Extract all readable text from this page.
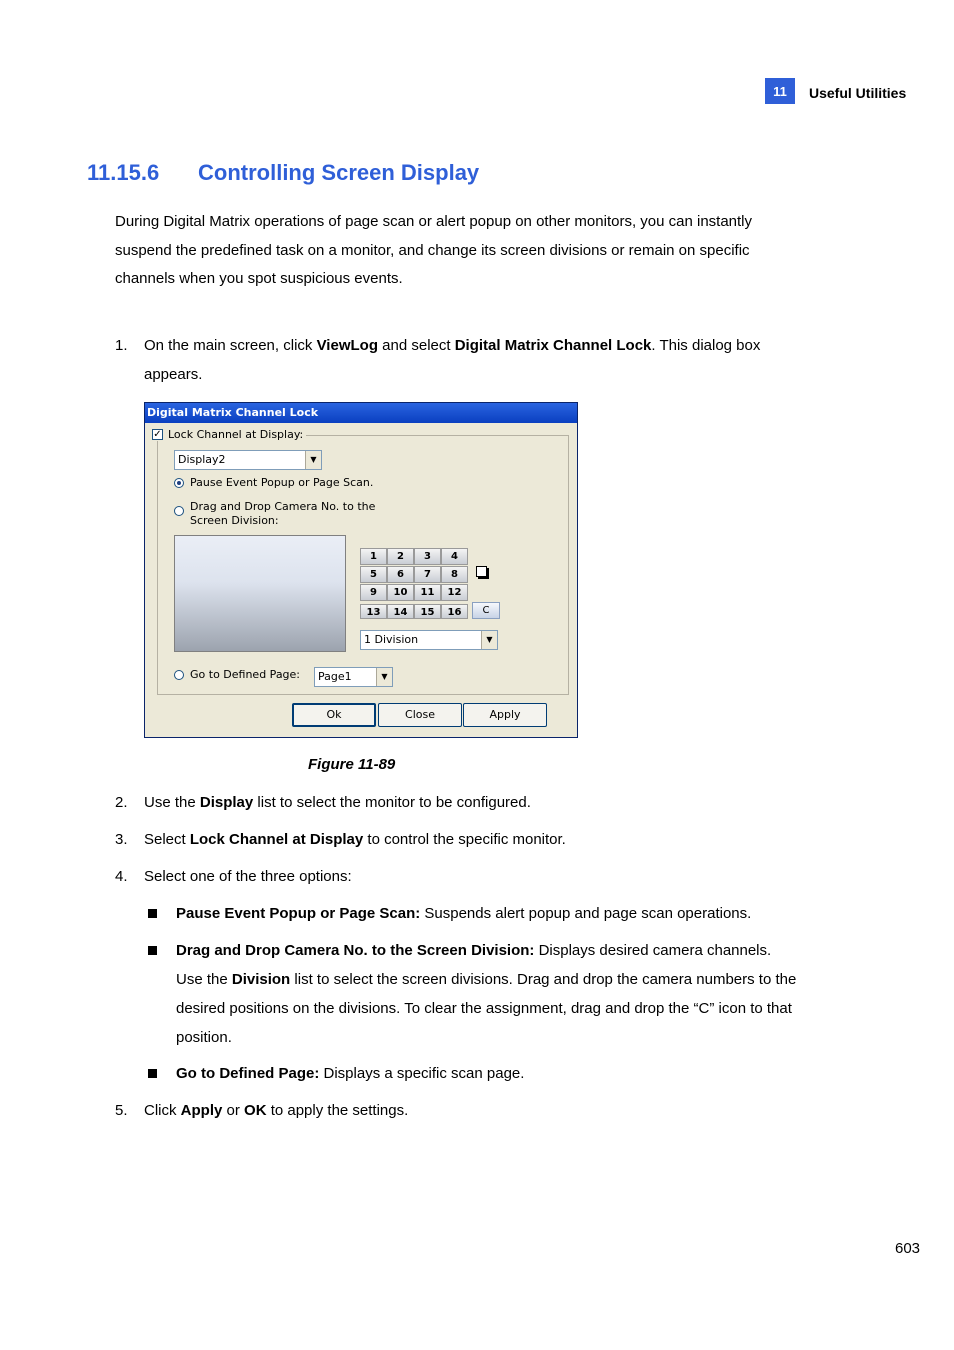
11	Useful Utilities
11.15.6	Controlling Screen Display
During Digital Matrix operations of page scan or alert popup on other monitors, you can instantly
suspend the predefined task on a monitor, and change its screen divisions or remain on specific
channels when you spot suspicious events.
1. On the main screen, click ViewLog and select Digital Matrix Channel Lock. This dialog box
appears.
Digital Matrix Channel Lock
✓ Lock Channel at Display:
Display2	▼
Pause Event Popup or Page Scan.
Drag and Drop Camera No. to the
Screen Division:
1	2	3	4
5	6	7	8
9	10	11	12
13	14	15	16	C
1 Division	▼
Go to Defined Page:	Page1	▼
Ok	Close	Apply
Figure 11-89
2. Use the Display list to select the monitor to be configured.
3. Select Lock Channel at Display to control the specific monitor.
4. Select one of the three options:
Pause Event Popup or Page Scan: Suspends alert popup and page scan operations.
Drag and Drop Camera No. to the Screen Division: Displays desired camera channels.
Use the Division list to select the screen divisions. Drag and drop the camera numbers to the
desired positions on the divisions. To clear the assignment, drag and drop the “C” icon to that
position.
Go to Defined Page: Displays a specific scan page.
5. Click Apply or OK to apply the settings.
603
